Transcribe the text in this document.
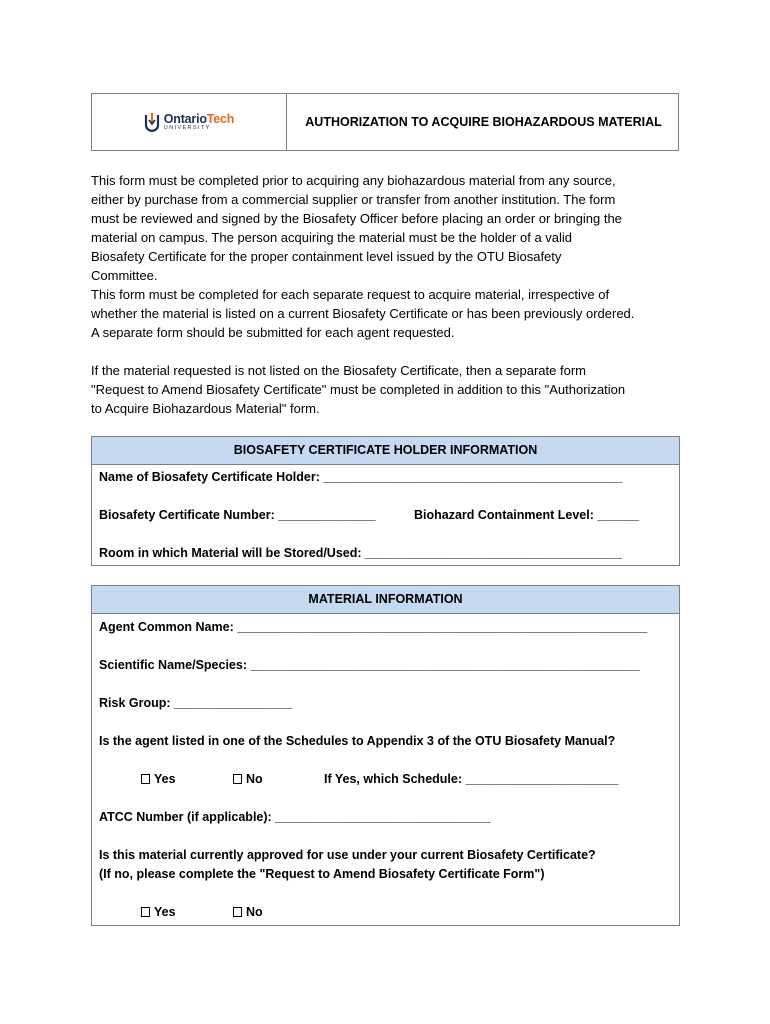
OntarioTech
UNIVERSITY	AUTHORIZATION TO ACQUIRE BIOHAZARDOUS MATERIAL

This form must be completed prior to acquiring any biohazardous material from any source,
either by purchase from a commercial supplier or transfer from another institution. The form
must be reviewed and signed by the Biosafety Officer before placing an order or bringing the
material on campus. The person acquiring the material must be the holder of a valid
Biosafety Certificate for the proper containment level issued by the OTU Biosafety
Committee.
This form must be completed for each separate request to acquire material, irrespective of
whether the material is listed on a current Biosafety Certificate or has been previously ordered.
A separate form should be submitted for each agent requested.

If the material requested is not listed on the Biosafety Certificate, then a separate form
"Request to Amend Biosafety Certificate" must be completed in addition to this "Authorization
to Acquire Biohazardous Material" form.

BIOSAFETY CERTIFICATE HOLDER INFORMATION
Name of Biosafety Certificate Holder: ___________________________________________
Biosafety Certificate Number: ______________	Biohazard Containment Level: ______
Room in which Material will be Stored/Used: _____________________________________
MATERIAL INFORMATION
Agent Common Name: ___________________________________________________________
Scientific Name/Species: ________________________________________________________
Risk Group: _________________
Is the agent listed in one of the Schedules to Appendix 3 of the OTU Biosafety Manual?
Yes	No	If Yes, which Schedule: ______________________
ATCC Number (if applicable): _______________________________
Is this material currently approved for use under your current Biosafety Certificate?
(If no, please complete the "Request to Amend Biosafety Certificate Form")
Yes	No
